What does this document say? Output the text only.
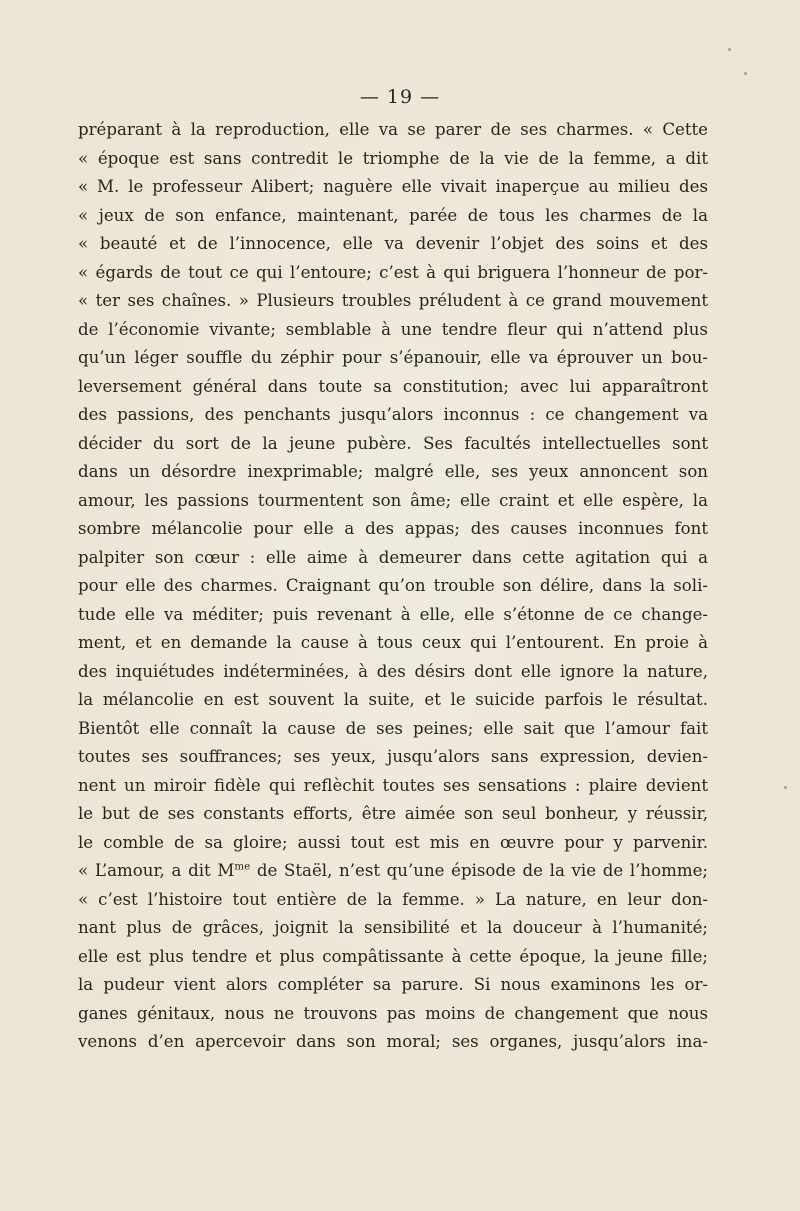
— 19 —
préparant à la reproduction, elle va se parer de ses charmes. « Cette
« époque est sans contredit le triomphe de la vie de la femme, a dit
« M. le professeur Alibert; naguère elle vivait inaperçue au milieu des
« jeux de son enfance, maintenant, parée de tous les charmes de la
« beauté et de l’innocence, elle va devenir l’objet des soins et des
« égards de tout ce qui l’entoure; c’est à qui briguera l’honneur de por-
« ter ses chaînes. » Plusieurs troubles préludent à ce grand mouvement
de l’économie vivante; semblable à une tendre fleur qui n’attend plus
qu’un léger souffle du zéphir pour s’épanouir, elle va éprouver un bou-
leversement général dans toute sa constitution; avec lui apparaîtront
des passions, des penchants jusqu’alors inconnus : ce changement va
décider du sort de la jeune pubère. Ses facultés intellectuelles sont
dans un désordre inexprimable; malgré elle, ses yeux annoncent son
amour, les passions tourmentent son âme; elle craint et elle espère, la
sombre mélancolie pour elle a des appas; des causes inconnues font
palpiter son cœur : elle aime à demeurer dans cette agitation qui a
pour elle des charmes. Craignant qu’on trouble son délire, dans la soli-
tude elle va méditer; puis revenant à elle, elle s’étonne de ce change-
ment, et en demande la cause à tous ceux qui l’entourent. En proie à
des inquiétudes indéterminées, à des désirs dont elle ignore la nature,
la mélancolie en est souvent la suite, et le suicide parfois le résultat.
Bientôt elle connaît la cause de ses peines; elle sait que l’amour fait
toutes ses souffrances; ses yeux, jusqu’alors sans expression, devien-
nent un miroir fidèle qui reflèchit toutes ses sensations : plaire devient
le but de ses constants efforts, être aimée son seul bonheur, y réussir,
le comble de sa gloire; aussi tout est mis en œuvre pour y parvenir.
« L’amour, a dit $M^{me}$ de Staël, n’est qu’une épisode de la vie de l’homme;
« c’est l’histoire tout entière de la femme. » La nature, en leur don-
nant plus de grâces, joignit la sensibilité et la douceur à l’humanité;
elle est plus tendre et plus compâtissante à cette époque, la jeune fille;
la pudeur vient alors compléter sa parure. Si nous examinons les or-
ganes génitaux, nous ne trouvons pas moins de changement que nous
venons d’en apercevoir dans son moral; ses organes, jusqu’alors ina-
